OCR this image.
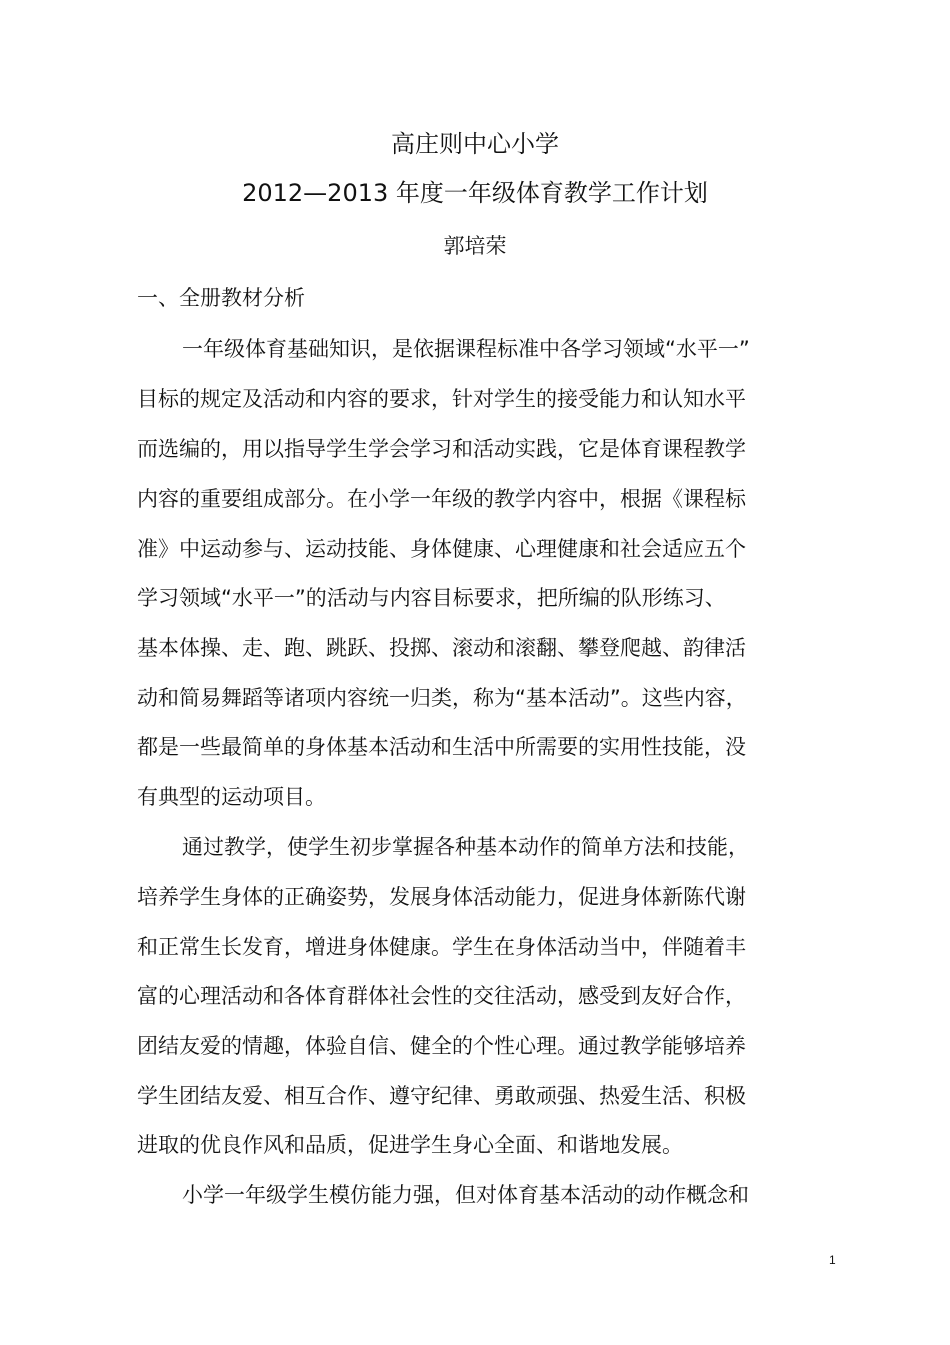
高庄则中心小学
2012—2013 年度一年级体育教学工作计划
郭培荣
一、全册教材分析
一年级体育基础知识，是依据课程标准中各学习领域“水平一”
目标的规定及活动和内容的要求，针对学生的接受能力和认知水平
而选编的，用以指导学生学会学习和活动实践，它是体育课程教学
内容的重要组成部分。在小学一年级的教学内容中，根据《课程标
准》中运动参与、运动技能、身体健康、心理健康和社会适应五个
学习领域“水平一”的活动与内容目标要求，把所编的队形练习、
基本体操、走、跑、跳跃、投掷、滚动和滚翻、攀登爬越、韵律活
动和简易舞蹈等诸项内容统一归类，称为“基本活动”。这些内容，
都是一些最简单的身体基本活动和生活中所需要的实用性技能，没
有典型的运动项目。
通过教学，使学生初步掌握各种基本动作的简单方法和技能，
培养学生身体的正确姿势，发展身体活动能力，促进身体新陈代谢
和正常生长发育，增进身体健康。学生在身体活动当中，伴随着丰
富的心理活动和各体育群体社会性的交往活动，感受到友好合作，
团结友爱的情趣，体验自信、健全的个性心理。通过教学能够培养
学生团结友爱、相互合作、遵守纪律、勇敢顽强、热爱生活、积极
进取的优良作风和品质，促进学生身心全面、和谐地发展。
小学一年级学生模仿能力强，但对体育基本活动的动作概念和
1
